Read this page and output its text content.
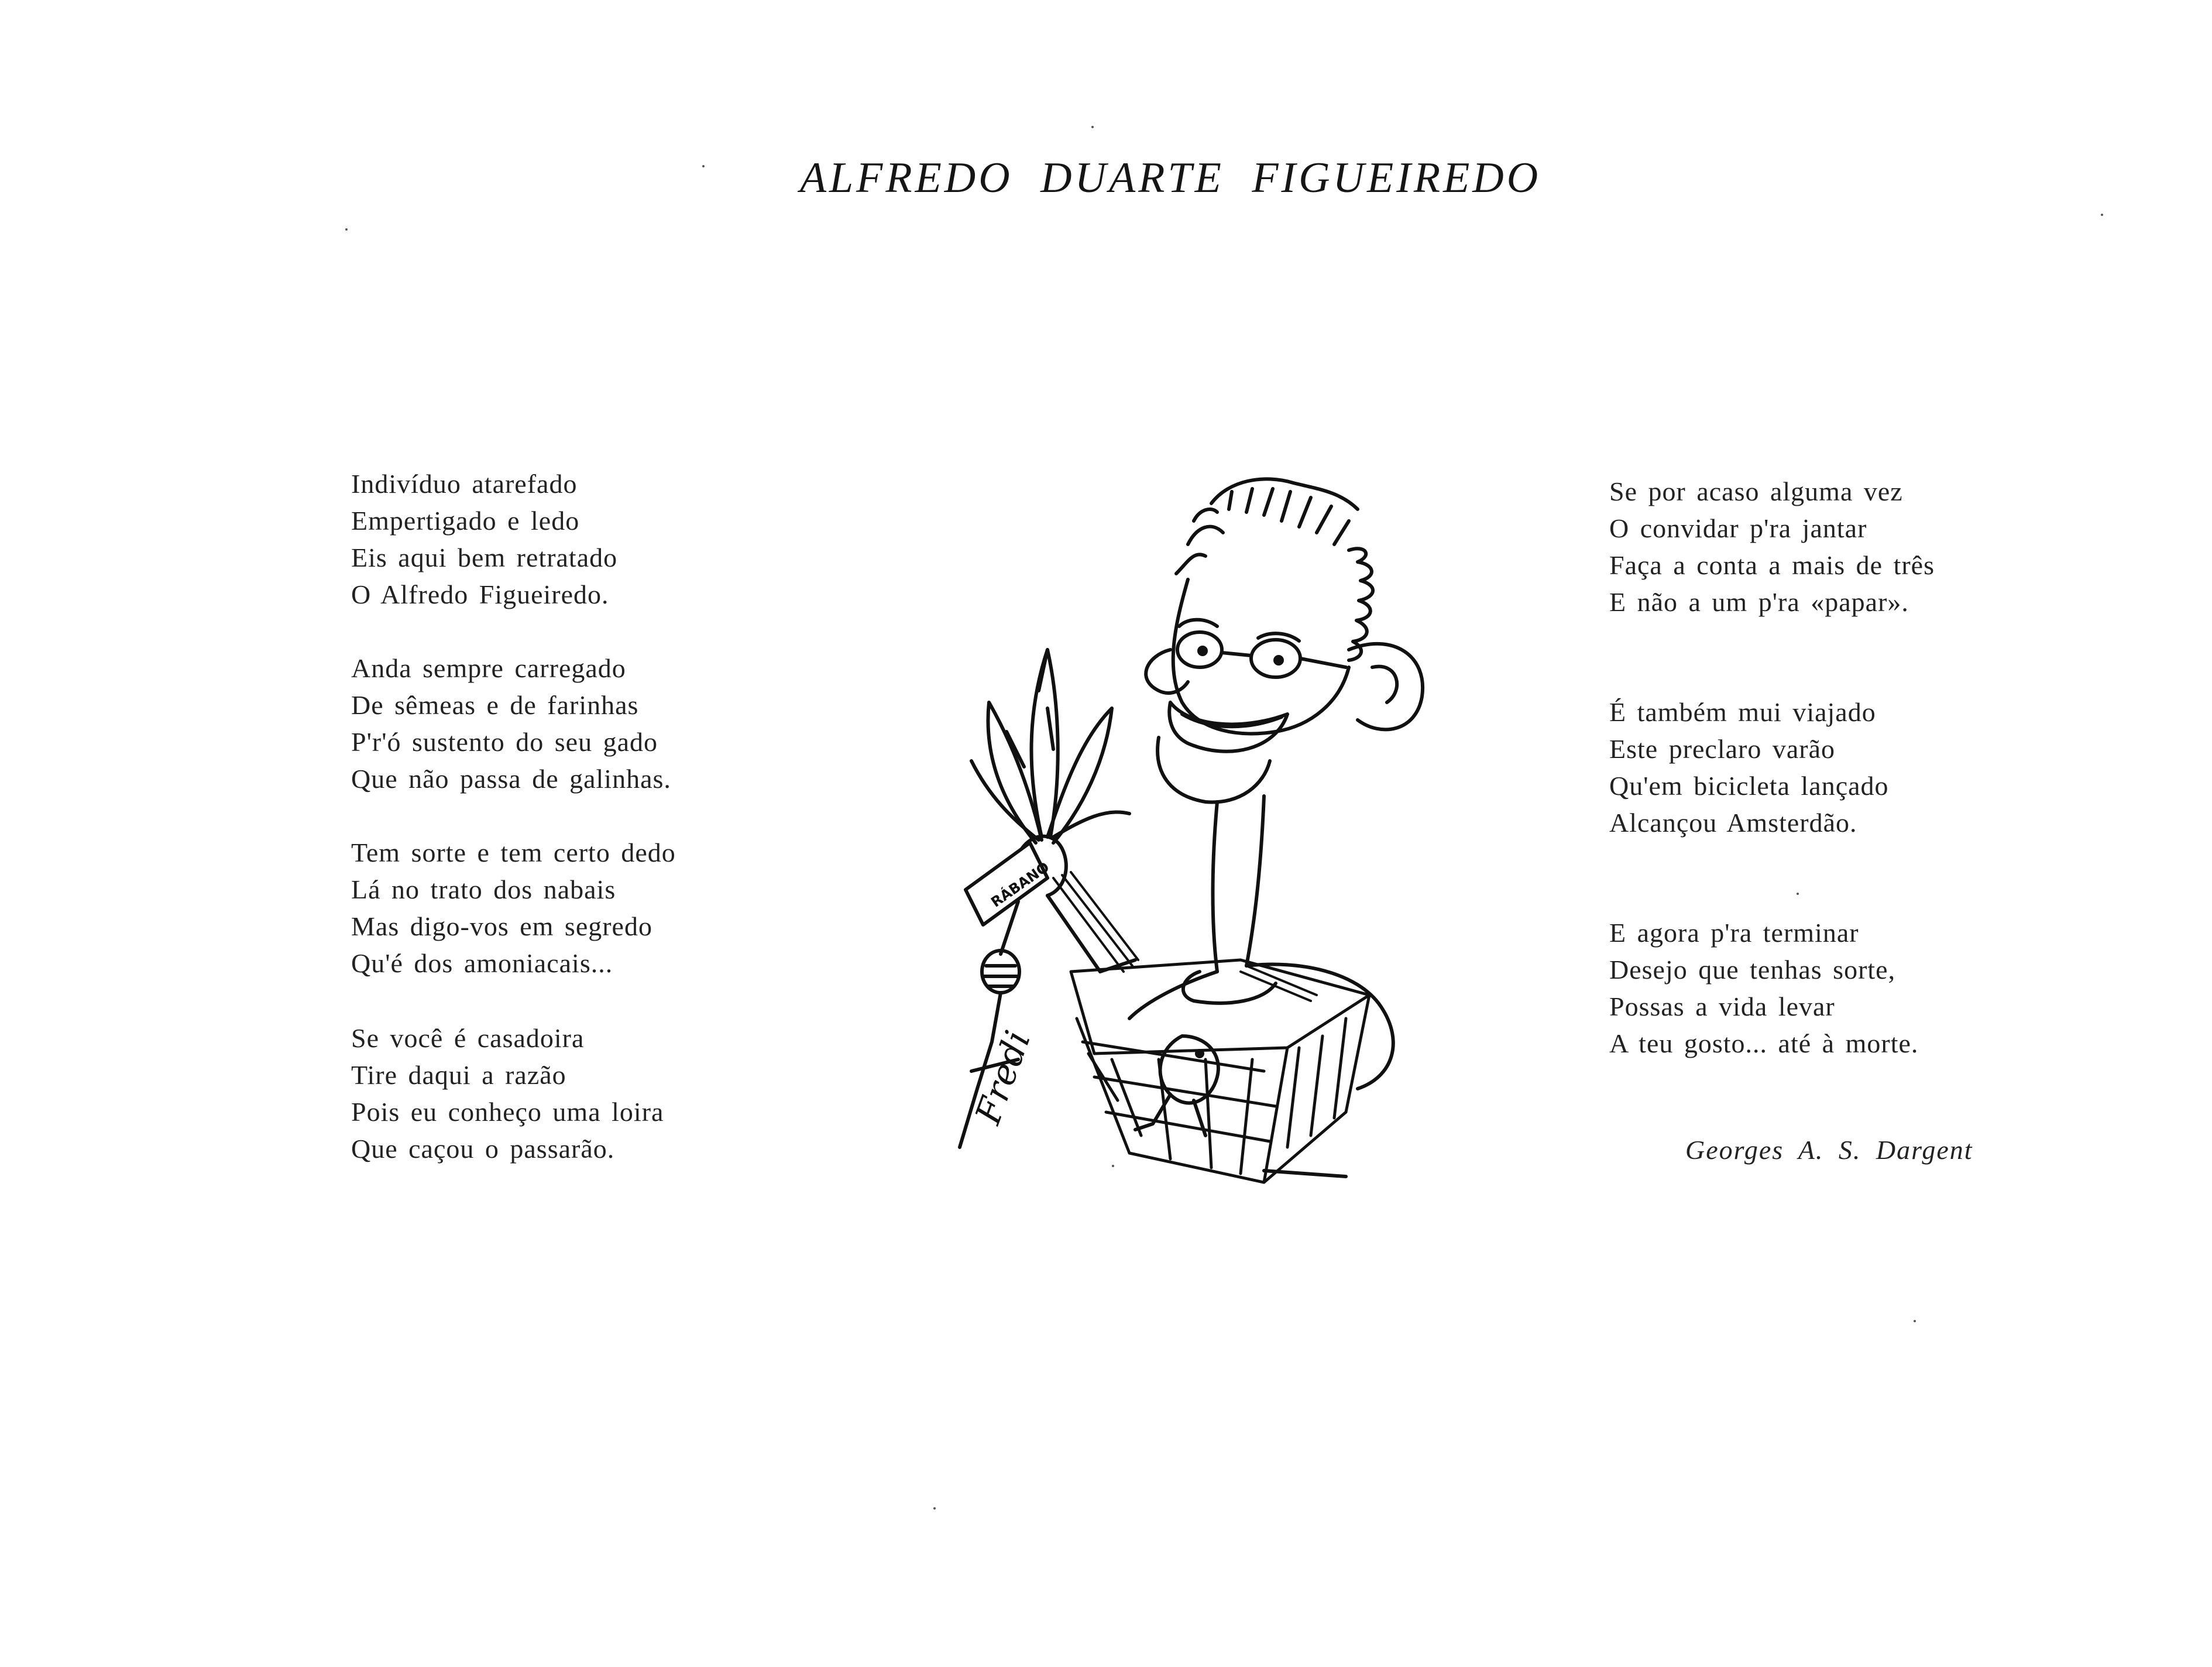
ALFREDO DUARTE FIGUEIREDO
Indivíduo atarefado
Empertigado e ledo
Eis aqui bem retratado
O Alfredo Figueiredo.
Anda sempre carregado
De sêmeas e de farinhas
P'r'ó sustento do seu gado
Que não passa de galinhas.
Tem sorte e tem certo dedo
Lá no trato dos nabais
Mas digo-vos em segredo
Qu'é dos amoniacais...
Se você é casadoira
Tire daqui a razão
Pois eu conheço uma loira
Que caçou o passarão.
Se por acaso alguma vez
O convidar p'ra jantar
Faça a conta a mais de três
E não a um p'ra «papar».
É também mui viajado
Este preclaro varão
Qu'em bicicleta lançado
Alcançou Amsterdão.
E agora p'ra terminar
Desejo que tenhas sorte,
Possas a vida levar
A teu gosto... até à morte.
Georges A. S. Dargent
RÁBANO
Fredi
